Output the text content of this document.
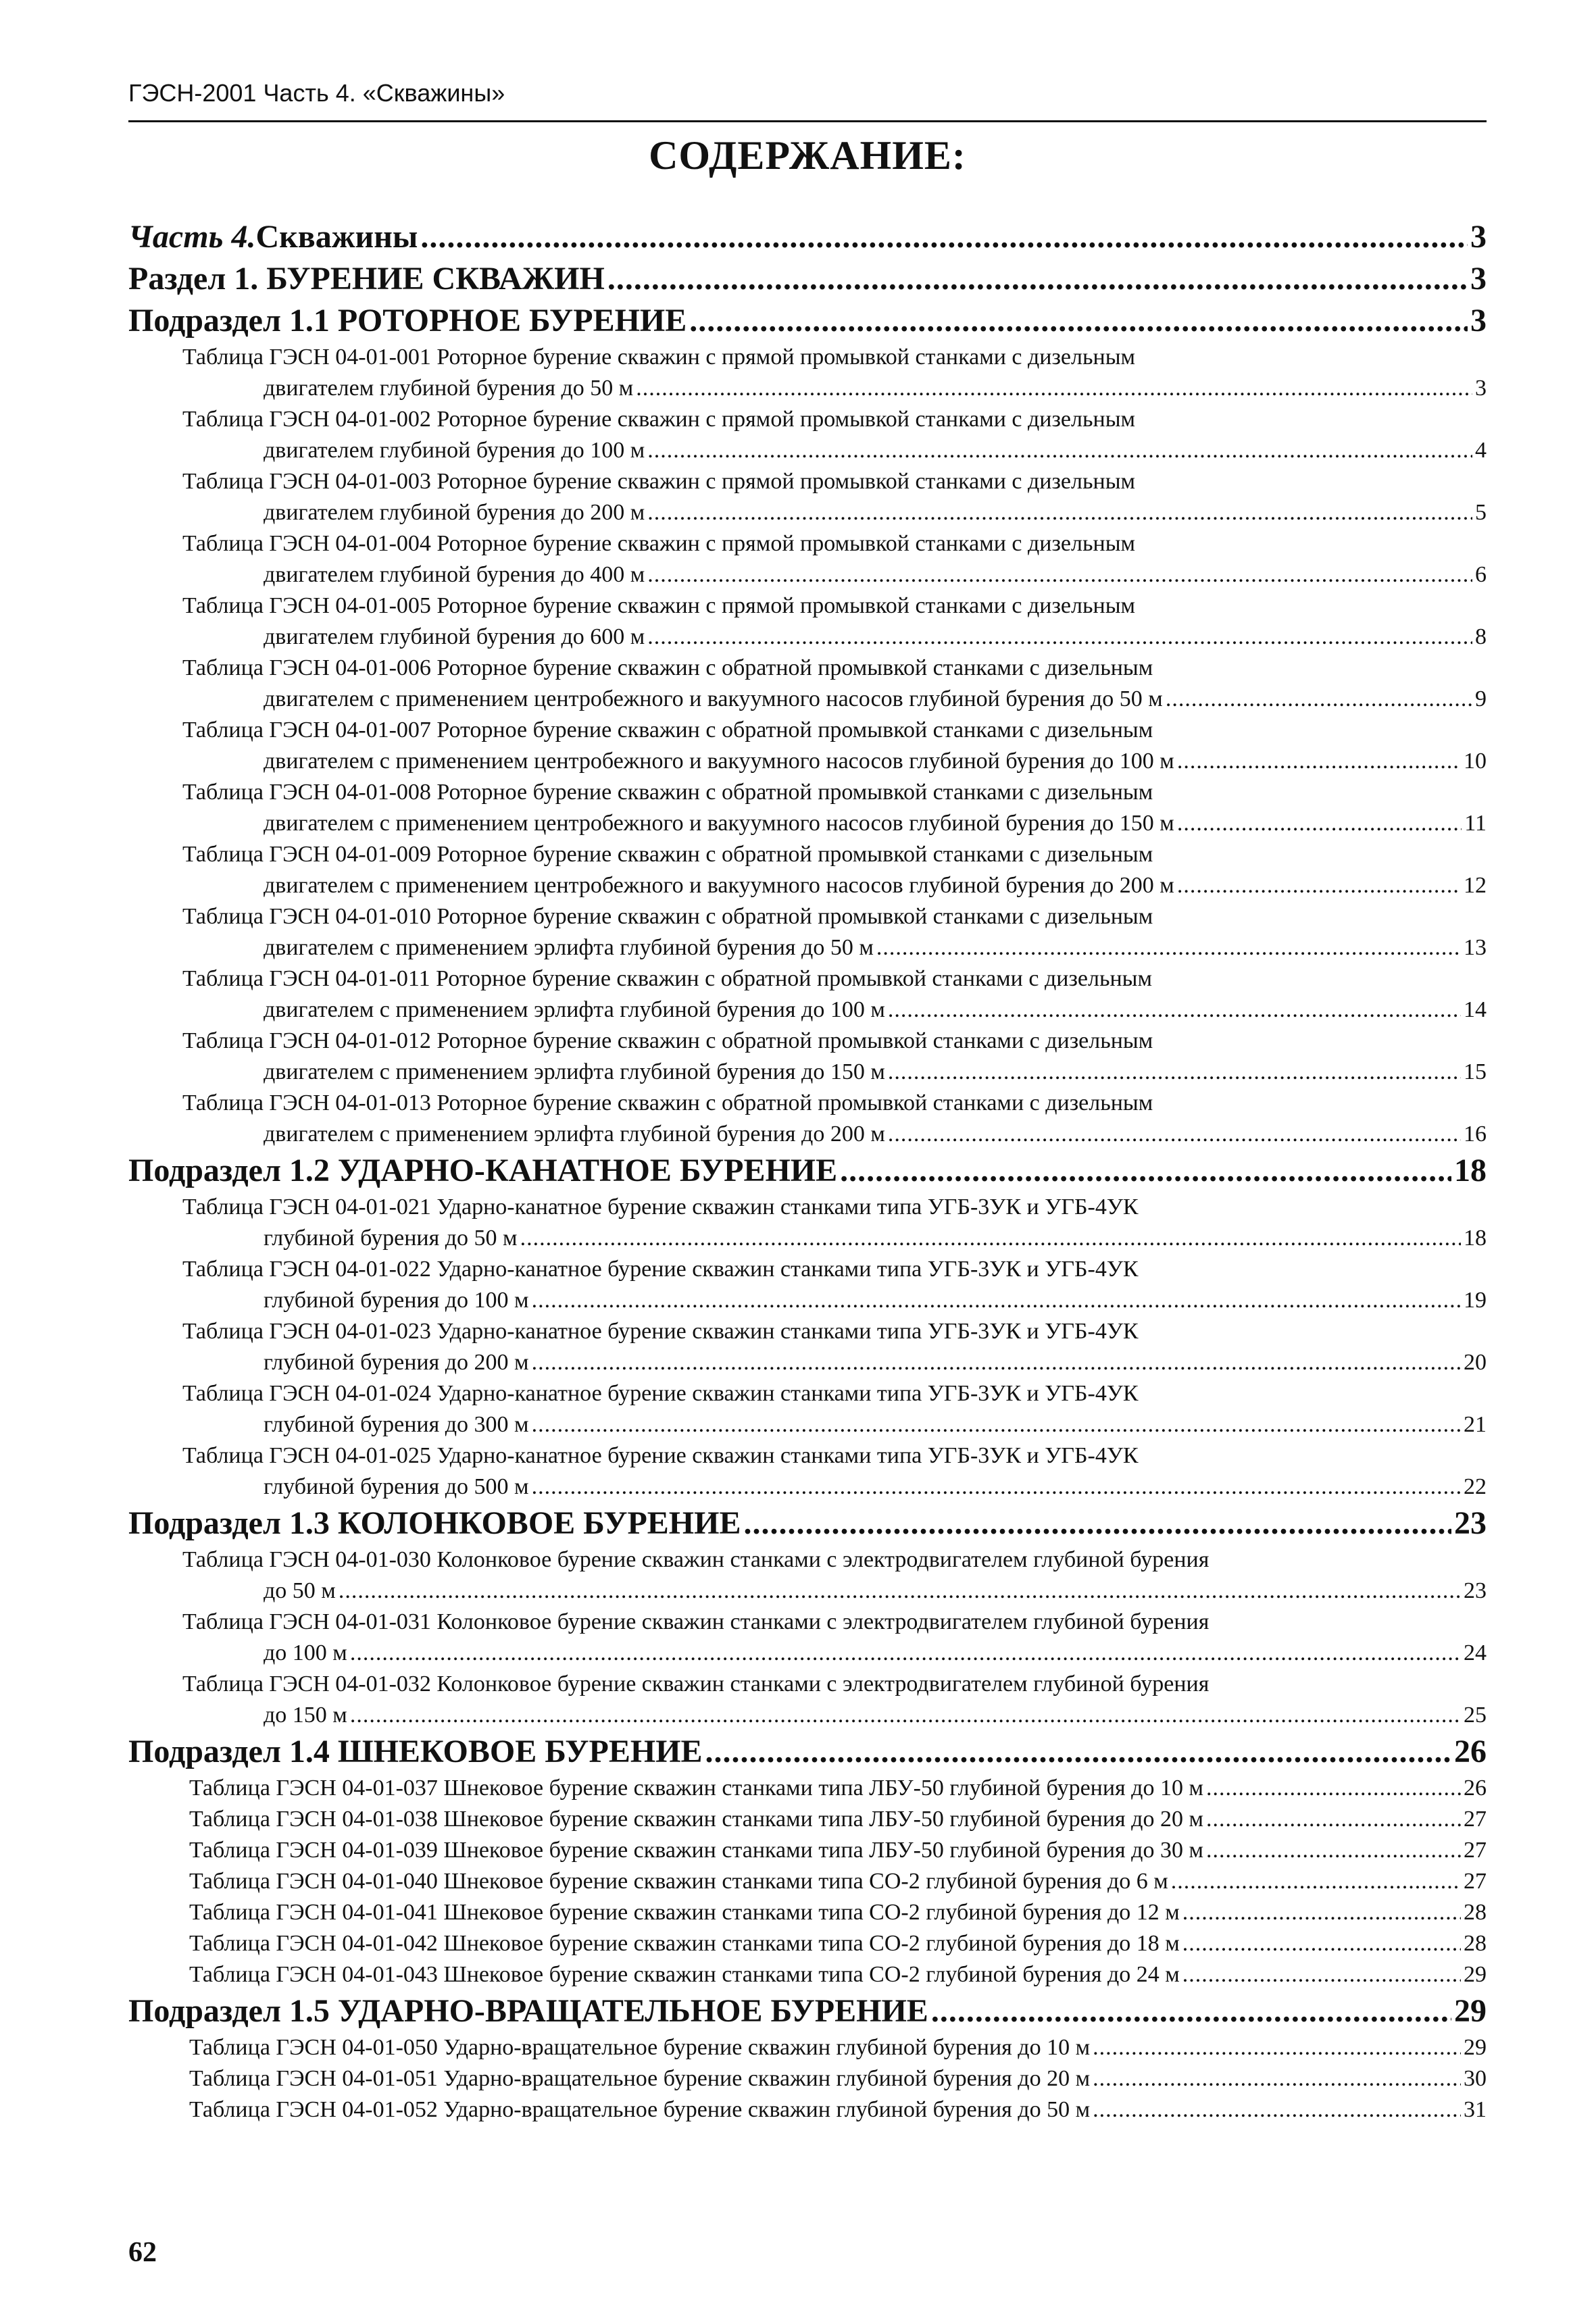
ГЭСН-2001 Часть 4. «Скважины»
СОДЕРЖАНИЕ:
Часть 4. Скважины .....	3
Раздел 1. БУРЕНИЕ СКВАЖИН .....	3
Подраздел 1.1 РОТОРНОЕ БУРЕНИЕ .....	3
Таблица ГЭСН 04-01-001 Роторное бурение скважин с прямой промывкой станками с дизельным
двигателем глубиной бурения до 50 м .....	3
Таблица ГЭСН 04-01-002 Роторное бурение скважин с прямой промывкой станками с дизельным
двигателем глубиной бурения до 100 м .....	4
Таблица ГЭСН 04-01-003 Роторное бурение скважин с прямой промывкой станками с дизельным
двигателем глубиной бурения до 200 м .....	5
Таблица ГЭСН 04-01-004 Роторное бурение скважин с прямой промывкой станками с дизельным
двигателем глубиной бурения до 400 м .....	6
Таблица ГЭСН 04-01-005 Роторное бурение скважин с прямой промывкой станками с дизельным
двигателем глубиной бурения до 600 м .....	8
Таблица ГЭСН 04-01-006 Роторное бурение скважин с обратной промывкой станками с дизельным
двигателем с применением центробежного и вакуумного насосов глубиной бурения до 50 м .....	9
Таблица ГЭСН 04-01-007 Роторное бурение скважин с обратной промывкой станками с дизельным
двигателем с применением центробежного и вакуумного насосов глубиной бурения до 100 м .....	10
Таблица ГЭСН 04-01-008 Роторное бурение скважин с обратной промывкой станками с дизельным
двигателем с применением центробежного и вакуумного насосов глубиной бурения до 150 м .....	11
Таблица ГЭСН 04-01-009 Роторное бурение скважин с обратной промывкой станками с дизельным
двигателем с применением центробежного и вакуумного насосов глубиной бурения до 200 м .....	12
Таблица ГЭСН 04-01-010 Роторное бурение скважин с обратной промывкой станками с дизельным
двигателем с применением эрлифта глубиной бурения до 50 м .....	13
Таблица ГЭСН 04-01-011 Роторное бурение скважин с обратной промывкой станками с дизельным
двигателем с применением эрлифта глубиной бурения до 100 м .....	14
Таблица ГЭСН 04-01-012 Роторное бурение скважин с обратной промывкой станками с дизельным
двигателем с применением эрлифта глубиной бурения до 150 м .....	15
Таблица ГЭСН 04-01-013 Роторное бурение скважин с обратной промывкой станками с дизельным
двигателем с применением эрлифта глубиной бурения до 200 м .....	16
Подраздел 1.2 УДАРНО-КАНАТНОЕ БУРЕНИЕ .....	18
Таблица ГЭСН 04-01-021 Ударно-канатное бурение скважин станками типа УГБ-3УК и УГБ-4УК
глубиной бурения до 50 м .....	18
Таблица ГЭСН 04-01-022 Ударно-канатное бурение скважин станками типа УГБ-3УК и УГБ-4УК
глубиной бурения до 100 м .....	19
Таблица ГЭСН 04-01-023 Ударно-канатное бурение скважин станками типа УГБ-3УК и УГБ-4УК
глубиной бурения до 200 м .....	20
Таблица ГЭСН 04-01-024 Ударно-канатное бурение скважин станками типа УГБ-3УК и УГБ-4УК
глубиной бурения до 300 м .....	21
Таблица ГЭСН 04-01-025 Ударно-канатное бурение скважин станками типа УГБ-3УК и УГБ-4УК
глубиной бурения до 500 м .....	22
Подраздел 1.3 КОЛОНКОВОЕ БУРЕНИЕ .....	23
Таблица ГЭСН 04-01-030 Колонковое бурение скважин станками с электродвигателем глубиной бурения
до 50 м .....	23
Таблица ГЭСН 04-01-031 Колонковое бурение скважин станками с электродвигателем глубиной бурения
до 100 м .....	24
Таблица ГЭСН 04-01-032 Колонковое бурение скважин станками с электродвигателем глубиной бурения
до 150 м .....	25
Подраздел 1.4 ШНЕКОВОЕ БУРЕНИЕ .....	26
Таблица ГЭСН 04-01-037 Шнековое бурение скважин станками типа ЛБУ-50 глубиной бурения до 10 м .....	26
Таблица ГЭСН 04-01-038 Шнековое бурение скважин станками типа ЛБУ-50 глубиной бурения до 20 м .....	27
Таблица ГЭСН 04-01-039 Шнековое бурение скважин станками типа ЛБУ-50 глубиной бурения до 30 м .....	27
Таблица ГЭСН 04-01-040 Шнековое бурение скважин станками типа СО-2 глубиной бурения до 6 м .....	27
Таблица ГЭСН 04-01-041 Шнековое бурение скважин станками типа СО-2 глубиной бурения до 12 м .....	28
Таблица ГЭСН 04-01-042 Шнековое бурение скважин станками типа СО-2 глубиной бурения до 18 м .....	28
Таблица ГЭСН 04-01-043 Шнековое бурение скважин станками типа СО-2 глубиной бурения до 24 м .....	29
Подраздел 1.5 УДАРНО-ВРАЩАТЕЛЬНОЕ БУРЕНИЕ .....	29
Таблица ГЭСН 04-01-050 Ударно-вращательное бурение скважин глубиной бурения до 10 м .....	29
Таблица ГЭСН 04-01-051 Ударно-вращательное бурение скважин глубиной бурения до 20 м .....	30
Таблица ГЭСН 04-01-052 Ударно-вращательное бурение скважин глубиной бурения до 50 м .....	31
62
